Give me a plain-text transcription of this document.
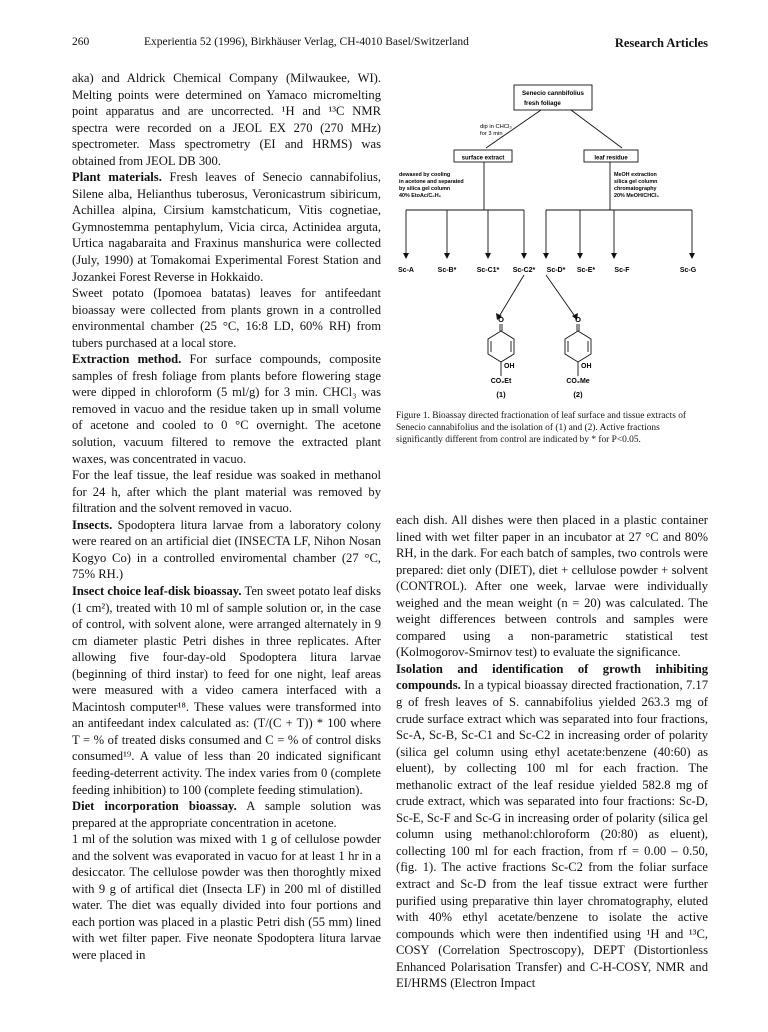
260	Experientia 52 (1996), Birkhäuser Verlag, CH-4010 Basel/Switzerland	Research Articles

aka) and Aldrick Chemical Company (Milwaukee, WI). Melting points were determined on Yamaco micromelting point apparatus and are uncorrected. ¹H and ¹³C NMR spectra were recorded on a JEOL EX 270 (270 MHz) spectrometer. Mass spectrometry (EI and HRMS) was obtained from JEOL DB 300.

Plant materials. Fresh leaves of Senecio cannabifolius, Silene alba, Helianthus tuberosus, Veronicastrum sibiricum, Achillea alpina, Cirsium kamstchaticum, Vitis cognetiae, Gymnostemma pentaphylum, Vicia circa, Actinidea arguta, Urtica nagabaraita and Fraxinus manshurica were collected (July, 1990) at Tomakomai Experimental Forest Station and Jozankei Forest Reverse in Hokkaido.

Sweet potato (Ipomoea batatas) leaves for antifeedant bioassay were collected from plants grown in a controlled environmental chamber (25 °C, 16:8 LD, 60% RH) from tubers purchased at a local store.

Extraction method. For surface compounds, composite samples of fresh foliage from plants before flowering stage were dipped in chloroform (5 ml/g) for 3 min. CHCl₃ was removed in vacuo and the residue taken up in small volume of acetone and cooled to 0 °C overnight. The acetone solution, vacuum filtered to remove the extracted plant waxes, was concentrated in vacuo.

For the leaf tissue, the leaf residue was soaked in methanol for 24 h, after which the plant material was removed by filtration and the solvent removed in vacuo.

Insects. Spodoptera litura larvae from a laboratory colony were reared on an artificial diet (INSECTA LF, Nihon Nosan Kogyo Co) in a controlled enviromental chamber (27 °C, 75% RH.)

Insect choice leaf-disk bioassay. Ten sweet potato leaf disks (1 cm²), treated with 10 ml of sample solution or, in the case of control, with solvent alone, were arranged alternately in 9 cm diameter plastic Petri dishes in three replicates. After allowing five four-day-old Spodoptera litura larvae (beginning of third instar) to feed for one night, leaf areas were measured with a video camera interfaced with a Macintosh computer¹⁸. These values were transformed into an antifeedant index calculated as: (T/(C + T)) * 100 where T = % of treated disks consumed and C = % of control disks consumed¹⁹. A value of less than 20 indicated significant feeding-deterrent activity. The index varies from 0 (complete feeding inhibition) to 100 (complete feeding stimulation).

Diet incorporation bioassay. A sample solution was prepared at the appropriate concentration in acetone.

1 ml of the solution was mixed with 1 g of cellulose powder and the solvent was evaporated in vacuo for at least 1 hr in a desiccator. The cellulose powder was then thoroghtly mixed with 9 g of artifical diet (Insecta LF) in 200 ml of distilled water. The diet was equally divided into four portions and each portion was placed in a plastic Petri dish (55 mm) lined with wet filter paper. Five neonate Spodoptera litura larvae were placed in

Senecio cannbifolius
fresh foliage
dip in CHCl₃
for 3 min
surface extract	leaf residue
dewaxed by cooling
in acetone and separated
by silica gel column
40% EtoAc/C₆H₆
MeOH extraction
silica gel column
chromatography
20% MeOH/CHCl₃
Sc-A	Sc-B*	Sc-C1* Sc-C2* Sc-D* Sc-E*	Sc-F	Sc-G
O
OH
CO₂Et
(1)
O
OH
CO₂Me
(2)

Figure 1. Bioassay directed fractionation of leaf surface and tissue extracts of Senecio cannabifolius and the isolation of (1) and (2). Active fractions significantly different from control are indicated by * for P<0.05.

each dish. All dishes were then placed in a plastic container lined with wet filter paper in an incubator at 27 °C and 80% RH, in the dark. For each batch of samples, two controls were prepared: diet only (DIET), diet + cellulose powder + solvent (CONTROL). After one week, larvae were individually weighed and the mean weight (n = 20) was calculated. The weight differences between controls and samples were compared using a non-parametric statistical test (Kolmogorov-Smirnov test) to evaluate the significance.

Isolation and identification of growth inhibiting compounds. In a typical bioassay directed fractionation, 7.17 g of fresh leaves of S. cannabifolius yielded 263.3 mg of crude surface extract which was separated into four fractions, Sc-A, Sc-B, Sc-C1 and Sc-C2 in increasing order of polarity (silica gel column using ethyl acetate:benzene (40:60) as eluent), by collecting 100 ml for each fraction. The methanolic extract of the leaf residue yielded 582.8 mg of crude extract, which was separated into four fractions: Sc-D, Sc-E, Sc-F and Sc-G in increasing order of polarity (silica gel column using methanol:chloroform (20:80) as eluent), collecting 100 ml for each fraction, from rf = 0.00 – 0.50, (fig. 1). The active fractions Sc-C2 from the foliar surface extract and Sc-D from the leaf tissue extract were further purified using preparative thin layer chromatography, eluted with 40% ethyl acetate/benzene to isolate the active compounds which were then indentified using ¹H and ¹³C, COSY (Correlation Spectroscopy), DEPT (Distortionless Enhanced Polarisation Transfer) and C-H-COSY, NMR and EI/HRMS (Electron Impact
